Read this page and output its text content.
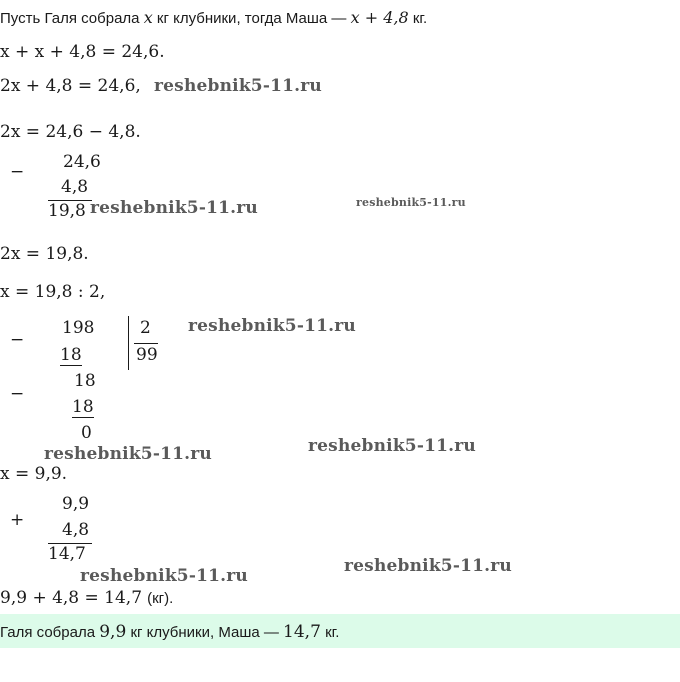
Пусть Галя собрала x кг клубники, тогда Маша — x + 4,8 кг.
x + x + 4,8 = 24,6.
2x + 4,8 = 24,6, reshebnik5-11.ru
2x = 24,6 − 4,8.
− 24,6
4,8
19,8 reshebnik5-11.ru	reshebnik5-11.ru
2x = 19,8.
x = 19,8 : 2,
−
198
18
2
99
reshebnik5-11.ru
−
18
18
0
reshebnik5-11.ru	reshebnik5-11.ru
x = 9,9.
+
9,9
4,8
14,7
reshebnik5-11.ru	reshebnik5-11.ru
9,9 + 4,8 = 14,7 (кг).
Галя собрала 9,9 кг клубники, Маша — 14,7 кг.
